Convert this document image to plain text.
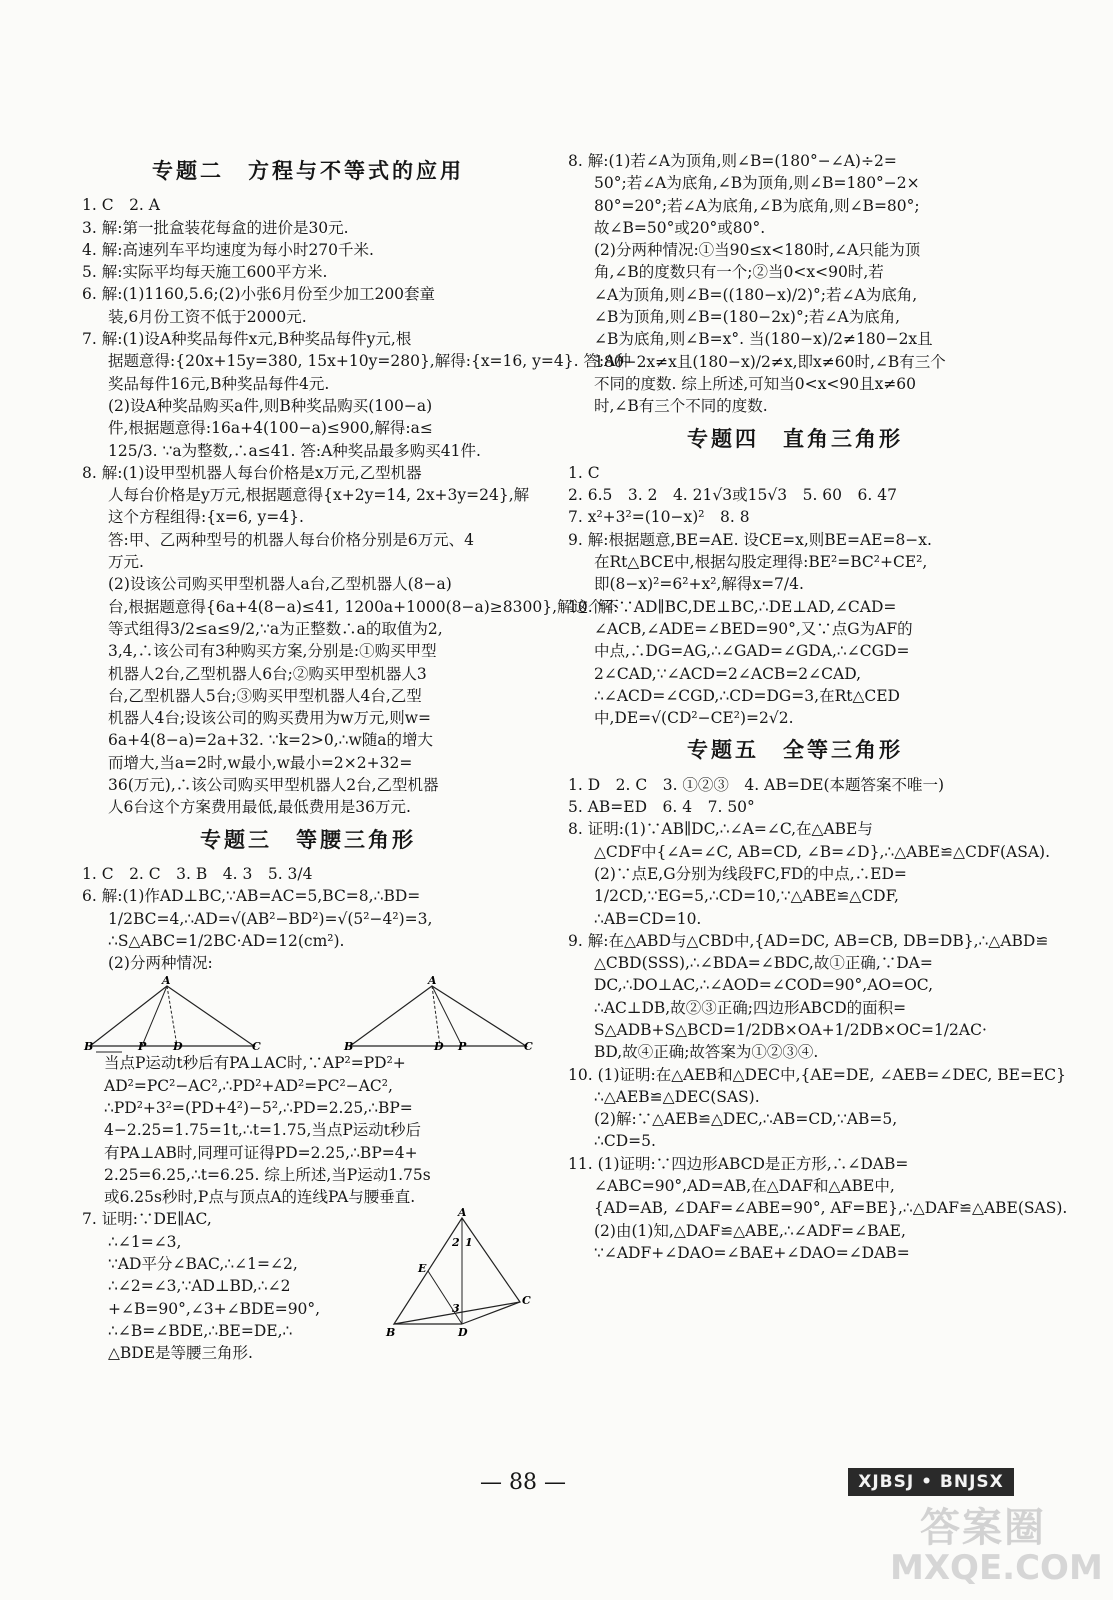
专题二　方程与不等式的应用
1. C　2. A
3. 解:第一批盒装花每盒的进价是30元.
4. 解:高速列车平均速度为每小时270千米.
5. 解:实际平均每天施工600平方米.
6. 解:(1)1160,5.6;(2)小张6月份至少加工200套童
装,6月份工资不低于2000元.
7. 解:(1)设A种奖品每件x元,B种奖品每件y元,根
据题意得:{20x+15y=380, 15x+10y=280},解得:{x=16, y=4}. 答:A种
奖品每件16元,B种奖品每件4元.
(2)设A种奖品购买a件,则B种奖品购买(100−a)
件,根据题意得:16a+4(100−a)≤900,解得:a≤
125/3. ∵a为整数,∴a≤41. 答:A种奖品最多购买41件.
8. 解:(1)设甲型机器人每台价格是x万元,乙型机器
人每台价格是y万元,根据题意得{x+2y=14, 2x+3y=24},解
这个方程组得:{x=6, y=4}.
答:甲、乙两种型号的机器人每台价格分别是6万元、4
万元.
(2)设该公司购买甲型机器人a台,乙型机器人(8−a)
台,根据题意得{6a+4(8−a)≤41, 1200a+1000(8−a)≥8300},解这个不
等式组得3/2≤a≤9/2,∵a为正整数∴a的取值为2,
3,4,∴该公司有3种购买方案,分别是:①购买甲型
机器人2台,乙型机器人6台;②购买甲型机器人3
台,乙型机器人5台;③购买甲型机器人4台,乙型
机器人4台;设该公司的购买费用为w万元,则w=
6a+4(8−a)=2a+32. ∵k=2>0,∴w随a的增大
而增大,当a=2时,w最小,w最小=2×2+32=
36(万元),∴该公司购买甲型机器人2台,乙型机器
人6台这个方案费用最低,最低费用是36万元.
专题三　等腰三角形
1. C　2. C　3. B　4. 3　5. 3/4
6. 解:(1)作AD⊥BC,∵AB=AC=5,BC=8,∴BD=
1/2BC=4,∴AD=√(AB²−BD²)=√(5²−4²)=3,
∴S△ABC=1/2BC·AD=12(cm²).
(2)分两种情况:
A
B	P D	C
A
B	D P	C
当点P运动t秒后有PA⊥AC时,∵AP²=PD²+
AD²=PC²−AC²,∴PD²+AD²=PC²−AC²,
∴PD²+3²=(PD+4²)−5²,∴PD=2.25,∴BP=
4−2.25=1.75=1t,∴t=1.75,当点P运动t秒后
有PA⊥AB时,同理可证得PD=2.25,∴BP=4+
2.25=6.25,∴t=6.25. 综上所述,当P运动1.75s
或6.25s秒时,P点与顶点A的连线PA与腰垂直.
7. 证明:∵DE∥AC,
∴∠1=∠3,
∵AD平分∠BAC,∴∠1=∠2,
∴∠2=∠3,∵AD⊥BD,∴∠2
+∠B=90°,∠3+∠BDE=90°,
∴∠B=∠BDE,∴BE=DE,∴
△BDE是等腰三角形.
A
B
C
D
E
1
2
3
8. 解:(1)若∠A为顶角,则∠B=(180°−∠A)÷2=
50°;若∠A为底角,∠B为顶角,则∠B=180°−2×
80°=20°;若∠A为底角,∠B为底角,则∠B=80°;
故∠B=50°或20°或80°.
(2)分两种情况:①当90≤x<180时,∠A只能为顶
角,∠B的度数只有一个;②当0<x<90时,若
∠A为顶角,则∠B=((180−x)/2)°;若∠A为底角,
∠B为顶角,则∠B=(180−2x)°;若∠A为底角,
∠B为底角,则∠B=x°. 当(180−x)/2≠180−2x且
180−2x≠x且(180−x)/2≠x,即x≠60时,∠B有三个
不同的度数. 综上所述,可知当0<x<90且x≠60
时,∠B有三个不同的度数.
专题四　直角三角形
1. C
2. 6.5　3. 2　4. 21√3或15√3　5. 60　6. 47
7. x²+3²=(10−x)²　8. 8
9. 解:根据题意,BE=AE. 设CE=x,则BE=AE=8−x.
在Rt△BCE中,根据勾股定理得:BE²=BC²+CE²,
即(8−x)²=6²+x²,解得x=7/4.
10. 解:∵AD∥BC,DE⊥BC,∴DE⊥AD,∠CAD=
∠ACB,∠ADE=∠BED=90°,又∵点G为AF的
中点,∴DG=AG,∴∠GAD=∠GDA,∴∠CGD=
2∠CAD,∵∠ACD=2∠ACB=2∠CAD,
∴∠ACD=∠CGD,∴CD=DG=3,在Rt△CED
中,DE=√(CD²−CE²)=2√2.
专题五　全等三角形
1. D　2. C　3. ①②③　4. AB=DE(本题答案不唯一)
5. AB=ED　6. 4　7. 50°
8. 证明:(1)∵AB∥DC,∴∠A=∠C,在△ABE与
△CDF中{∠A=∠C, AB=CD, ∠B=∠D},∴△ABE≌△CDF(ASA).
(2)∵点E,G分别为线段FC,FD的中点,∴ED=
1/2CD,∵EG=5,∴CD=10,∵△ABE≌△CDF,
∴AB=CD=10.
9. 解:在△ABD与△CBD中,{AD=DC, AB=CB, DB=DB},∴△ABD≌
△CBD(SSS),∴∠BDA=∠BDC,故①正确,∵DA=
DC,∴DO⊥AC,∴∠AOD=∠COD=90°,AO=OC,
∴AC⊥DB,故②③正确;四边形ABCD的面积=
S△ADB+S△BCD=1/2DB×OA+1/2DB×OC=1/2AC·
BD,故④正确;故答案为①②③④.
10. (1)证明:在△AEB和△DEC中,{AE=DE, ∠AEB=∠DEC, BE=EC}
∴△AEB≌△DEC(SAS).
(2)解:∵△AEB≌△DEC,∴AB=CD,∵AB=5,
∴CD=5.
11. (1)证明:∵四边形ABCD是正方形,∴∠DAB=
∠ABC=90°,AD=AB,在△DAF和△ABE中,
{AD=AB, ∠DAF=∠ABE=90°, AF=BE},∴△DAF≌△ABE(SAS).
(2)由(1)知,△DAF≌△ABE,∴∠ADF=∠BAE,
∵∠ADF+∠DAO=∠BAE+∠DAO=∠DAB=
— 88 —	XJBSJ • BNJSX
答案圈
MXQE.COM
